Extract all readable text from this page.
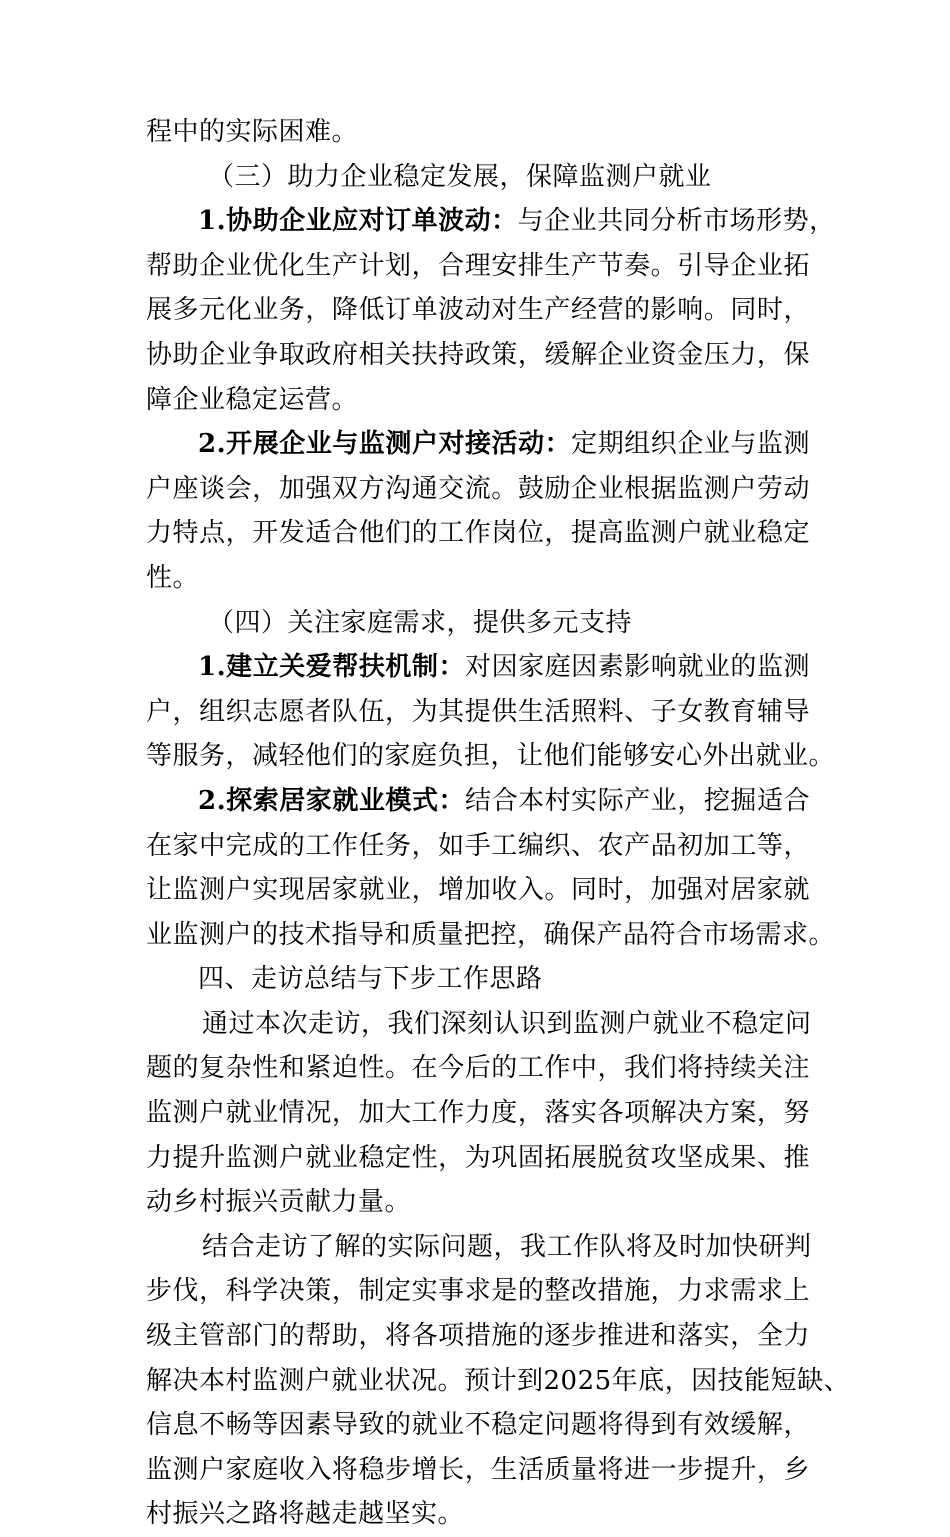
程中的实际困难。
（三）助力企业稳定发展，保障监测户就业
1.协助企业应对订单波动：与企业共同分析市场形势，
帮助企业优化生产计划，合理安排生产节奏。引导企业拓
展多元化业务，降低订单波动对生产经营的影响。同时，
协助企业争取政府相关扶持政策，缓解企业资金压力，保
障企业稳定运营。
2.开展企业与监测户对接活动：定期组织企业与监测
户座谈会，加强双方沟通交流。鼓励企业根据监测户劳动
力特点，开发适合他们的工作岗位，提高监测户就业稳定
性。
（四）关注家庭需求，提供多元支持
1.建立关爱帮扶机制：对因家庭因素影响就业的监测
户，组织志愿者队伍，为其提供生活照料、子女教育辅导
等服务，减轻他们的家庭负担，让他们能够安心外出就业。
2.探索居家就业模式：结合本村实际产业，挖掘适合
在家中完成的工作任务，如手工编织、农产品初加工等，
让监测户实现居家就业，增加收入。同时，加强对居家就
业监测户的技术指导和质量把控，确保产品符合市场需求。
四、走访总结与下步工作思路
通过本次走访，我们深刻认识到监测户就业不稳定问
题的复杂性和紧迫性。在今后的工作中，我们将持续关注
监测户就业情况，加大工作力度，落实各项解决方案，努
力提升监测户就业稳定性，为巩固拓展脱贫攻坚成果、推
动乡村振兴贡献力量。
结合走访了解的实际问题，我工作队将及时加快研判
步伐，科学决策，制定实事求是的整改措施，力求需求上
级主管部门的帮助，将各项措施的逐步推进和落实，全力
解决本村监测户就业状况。预计到2025年底，因技能短缺、
信息不畅等因素导致的就业不稳定问题将得到有效缓解，
监测户家庭收入将稳步增长，生活质量将进一步提升，乡
村振兴之路将越走越坚实。
